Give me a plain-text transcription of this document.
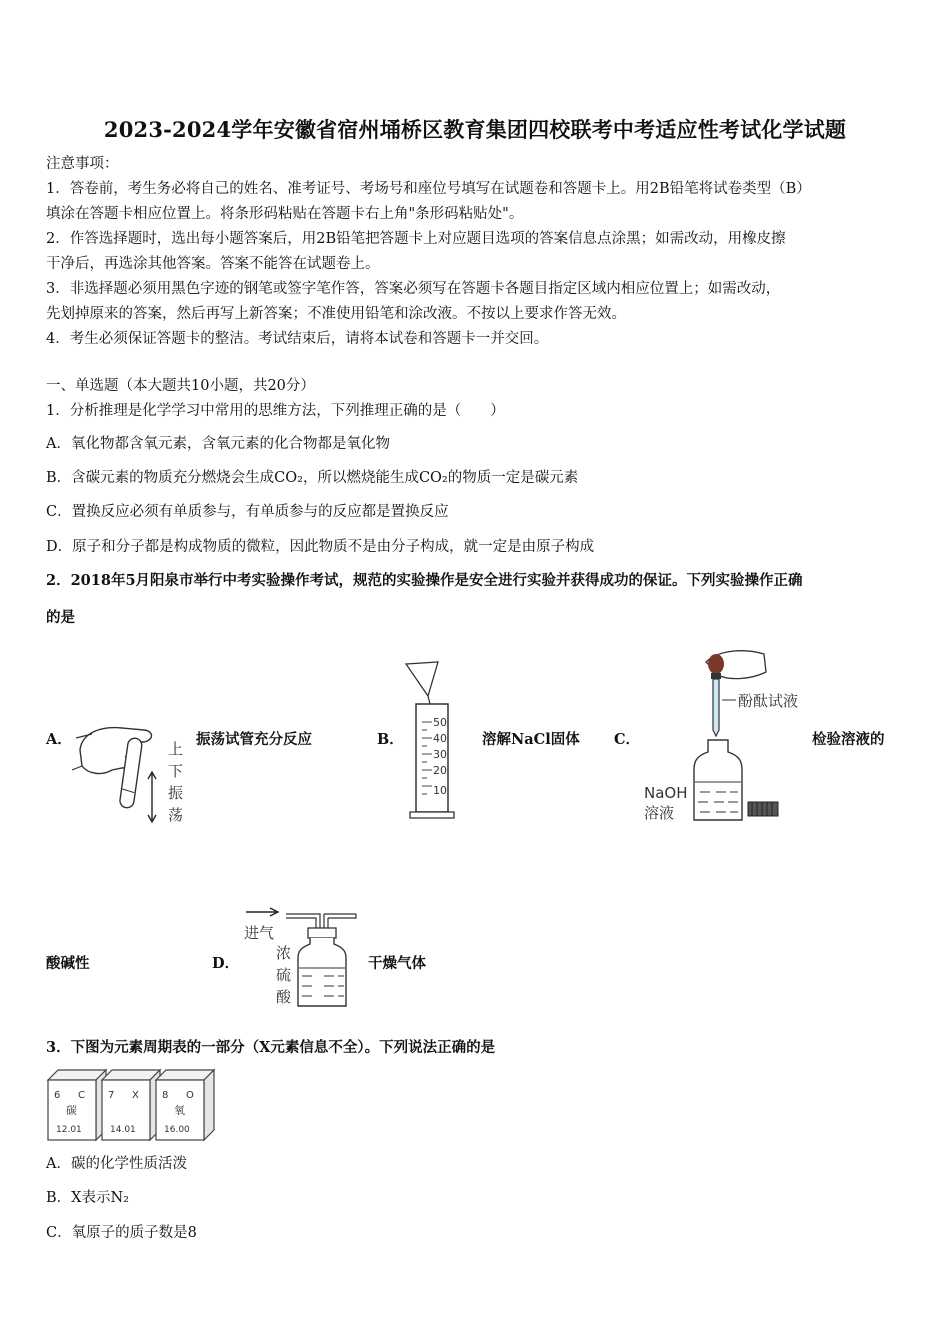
2023-2024学年安徽省宿州埇桥区教育集团四校联考中考适应性考试化学试题
注意事项：
1．答卷前，考生务必将自己的姓名、准考证号、考场号和座位号填写在试题卷和答题卡上。用2B铅笔将试卷类型（B）
填涂在答题卡相应位置上。将条形码粘贴在答题卡右上角"条形码粘贴处"。
2．作答选择题时，选出每小题答案后，用2B铅笔把答题卡上对应题目选项的答案信息点涂黑；如需改动，用橡皮擦
干净后，再选涂其他答案。答案不能答在试题卷上。
3．非选择题必须用黑色字迹的钢笔或签字笔作答，答案必须写在答题卡各题目指定区域内相应位置上；如需改动，
先划掉原来的答案，然后再写上新答案；不准使用铅笔和涂改液。不按以上要求作答无效。
4．考生必须保证答题卡的整洁。考试结束后，请将本试卷和答题卡一并交回。
一、单选题（本大题共10小题，共20分）
1．分析推理是化学学习中常用的思维方法，下列推理正确的是（　　）
A．氧化物都含氧元素，含氧元素的化合物都是氧化物
B．含碳元素的物质充分燃烧会生成CO₂，所以燃烧能生成CO₂的物质一定是碳元素
C．置换反应必须有单质参与，有单质参与的反应都是置换反应
D．原子和分子都是构成物质的微粒，因此物质不是由分子构成，就一定是由原子构成
2．2018年5月阳泉市举行中考实验操作考试，规范的实验操作是安全进行实验并获得成功的保证。下列实验操作正确
的是
A．
上
下
振
荡
振荡试管充分反应	B．
50
40
30
20
10
溶解NaCl固体 C．
酚酞试液
NaOH
溶液
检验溶液的
酸碱性	D．
进气
浓
硫
酸
干燥气体
3．下图为元素周期表的一部分（X元素信息不全）。下列说法正确的是
6 C
碳
12.01
7 X
14.01
8 O
氧
16.00
A．碳的化学性质活泼
B．X表示N₂
C．氧原子的质子数是8
